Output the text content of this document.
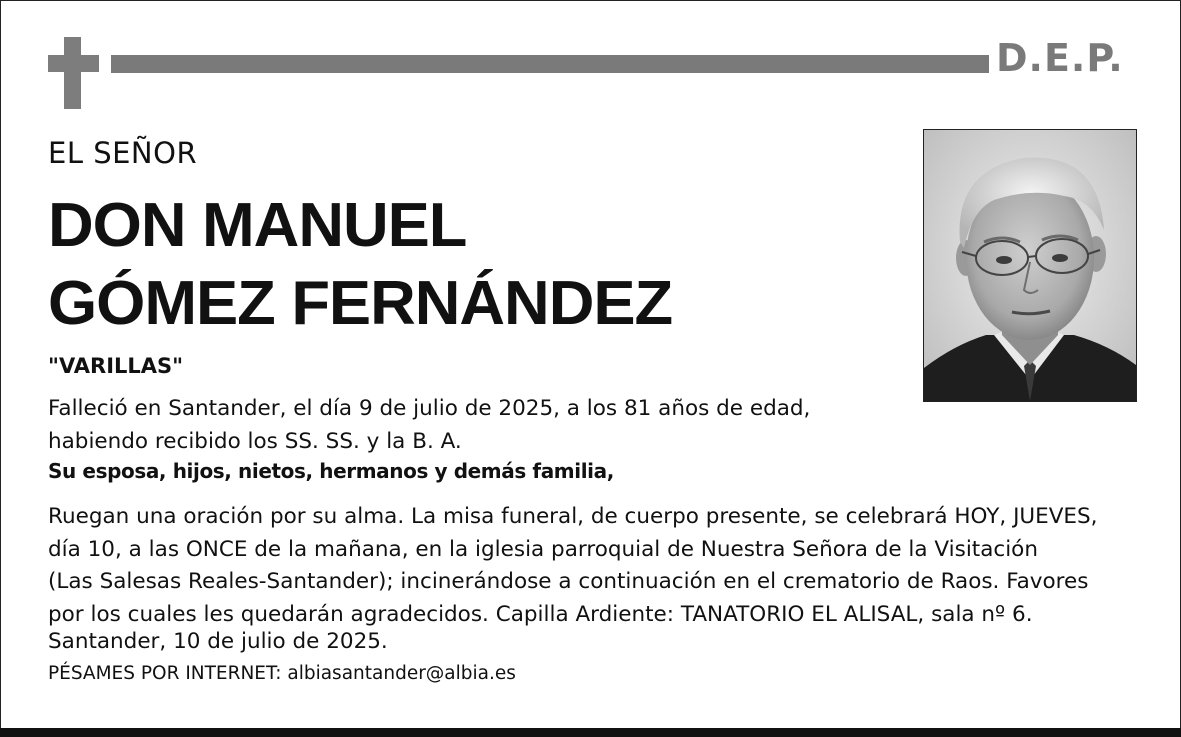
D.E.P.
EL SEÑOR
DON MANUEL
GÓMEZ FERNÁNDEZ
"VARILLAS"
Falleció en Santander, el día 9 de julio de 2025, a los 81 años de edad,
habiendo recibido los SS. SS. y la B. A.
Su esposa, hijos, nietos, hermanos y demás familia,
Ruegan una oración por su alma. La misa funeral, de cuerpo presente, se celebrará HOY, JUEVES,
día 10, a las ONCE de la mañana, en la iglesia parroquial de Nuestra Señora de la Visitación
(Las Salesas Reales-Santander); incinerándose a continuación en el crematorio de Raos. Favores
por los cuales les quedarán agradecidos. Capilla Ardiente: TANATORIO EL ALISAL, sala nº 6.
Santander, 10 de julio de 2025.
PÉSAMES POR INTERNET: albiasantander@albia.es
